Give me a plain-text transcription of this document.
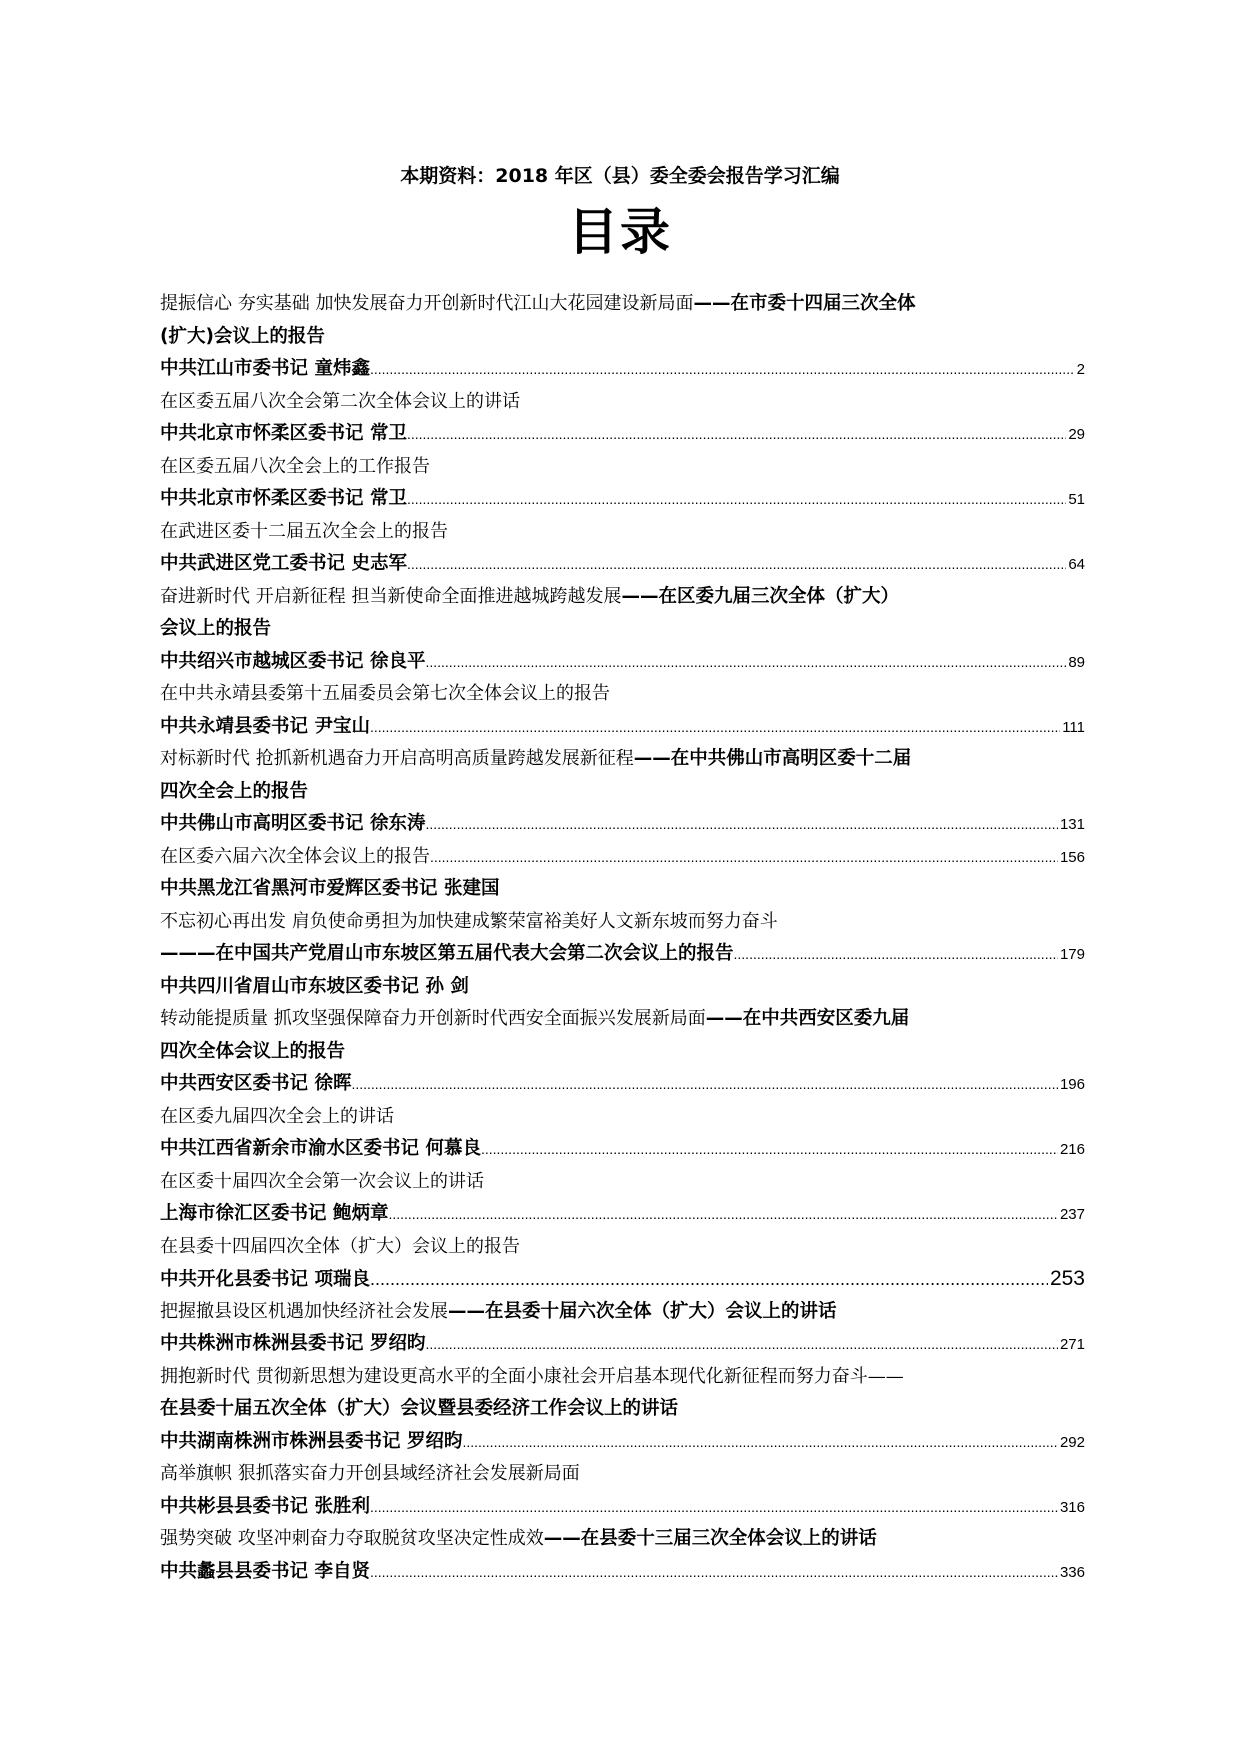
本期资料：2018 年区（县）委全委会报告学习汇编
目录
提振信心 夯实基础 加快发展奋力开创新时代江山大花园建设新局面——在市委十四届三次全体
(扩大)会议上的报告
中共江山市委书记 童炜鑫 .....	2
在区委五届八次全会第二次全体会议上的讲话
中共北京市怀柔区委书记 常卫 .....	29
在区委五届八次全会上的工作报告
中共北京市怀柔区委书记 常卫 .....	51
在武进区委十二届五次全会上的报告
中共武进区党工委书记 史志军 .....	64
奋进新时代 开启新征程 担当新使命全面推进越城跨越发展——在区委九届三次全体（扩大）
会议上的报告
中共绍兴市越城区委书记 徐良平 .....	89
在中共永靖县委第十五届委员会第七次全体会议上的报告
中共永靖县委书记 尹宝山 .....	111
对标新时代 抢抓新机遇奋力开启高明高质量跨越发展新征程——在中共佛山市高明区委十二届
四次全会上的报告
中共佛山市高明区委书记 徐东涛 .....	131
在区委六届六次全体会议上的报告 .....	156
中共黑龙江省黑河市爱辉区委书记 张建国
不忘初心再出发 肩负使命勇担为加快建成繁荣富裕美好人文新东坡而努力奋斗
———在中国共产党眉山市东坡区第五届代表大会第二次会议上的报告 .....	179
中共四川省眉山市东坡区委书记 孙 剑
转动能提质量 抓攻坚强保障奋力开创新时代西安全面振兴发展新局面——在中共西安区委九届
四次全体会议上的报告
中共西安区委书记 徐晖 .....	196
在区委九届四次全会上的讲话
中共江西省新余市渝水区委书记 何慕良 .....	216
在区委十届四次全会第一次会议上的讲话
上海市徐汇区委书记 鲍炳章 .....	237
在县委十四届四次全体（扩大）会议上的报告
中共开化县委书记 项瑞良 .....	253
把握撤县设区机遇加快经济社会发展——在县委十届六次全体（扩大）会议上的讲话
中共株洲市株洲县委书记 罗绍昀 .....	271
拥抱新时代 贯彻新思想为建设更高水平的全面小康社会开启基本现代化新征程而努力奋斗——
在县委十届五次全体（扩大）会议暨县委经济工作会议上的讲话
中共湖南株洲市株洲县委书记 罗绍昀 .....	292
高举旗帜 狠抓落实奋力开创县域经济社会发展新局面
中共彬县县委书记 张胜利 .....	316
强势突破 攻坚冲刺奋力夺取脱贫攻坚决定性成效——在县委十三届三次全体会议上的讲话
中共蠡县县委书记 李自贤 .....	336
